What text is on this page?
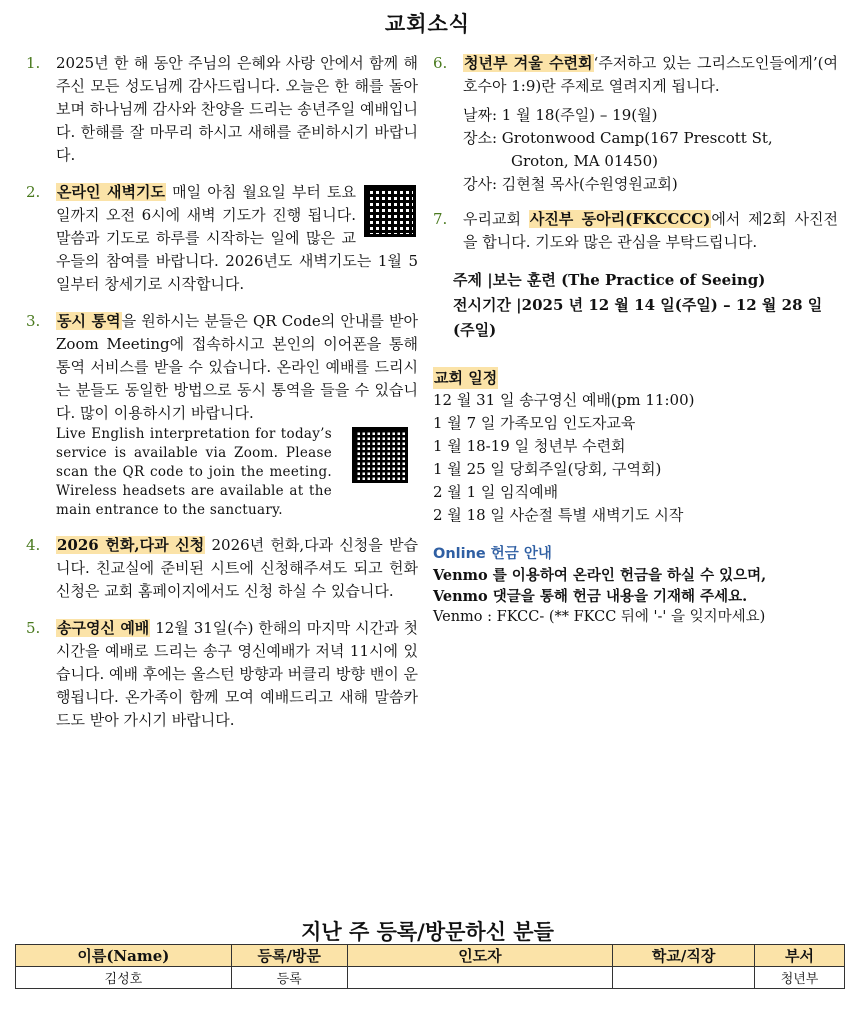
교회소식
1.	2025년 한 해 동안 주님의 은혜와 사랑 안에서 함께 해주신 모든 성도님께 감사드립니다. 오늘은 한 해를 돌아보며 하나님께 감사와 찬양을 드리는 송년주일 예배입니다. 한해를 잘 마무리 하시고 새해를 준비하시기 바랍니다.
2.	온라인 새벽기도 매일 아침 월요일 부터 토요일까지 오전 6시에 새벽 기도가 진행 됩니다. 말씀과 기도로 하루를 시작하는 일에 많은 교우들의 참여를 바랍니다. 2026년도 새벽기도는 1월 5일부터 창세기로 시작합니다.
3.	동시 통역을 원하시는 분들은 QR Code의 안내를 받아 Zoom Meeting에 접속하시고 본인의 이어폰을 통해 통역 서비스를 받을 수 있습니다. 온라인 예배를 드리시는 분들도 동일한 방법으로 동시 통역을 들을 수 있습니다. 많이 이용하시기 바랍니다.
Live English interpretation for today’s service is available via Zoom. Please scan the QR code to join the meeting. Wireless headsets are available at the main entrance to the sanctuary.
4.	2026 헌화,다과 신청 2026년 헌화,다과 신청을 받습니다. 친교실에 준비된 시트에 신청해주셔도 되고 헌화 신청은 교회 홈페이지에서도 신청 하실 수 있습니다.
5.	송구영신 예배 12월 31일(수) 한해의 마지막 시간과 첫시간을 예배로 드리는 송구 영신예배가 저녁 11시에 있습니다. 예배 후에는 올스턴 방향과 버클리 방향 밴이 운행됩니다. 온가족이 함께 모여 예배드리고 새해 말씀카드도 받아 가시기 바랍니다.
6.	청년부 겨울 수련회‘주저하고 있는 그리스도인들에게’(여호수아 1:9)란 주제로 열려지게 됩니다.
날짜: 1 월 18(주일) – 19(월)
장소: Grotonwood Camp(167 Prescott St,
Groton, MA 01450)
강사: 김현철 목사(수원영원교회)
7.	우리교회 사진부 동아리(FKCCCC)에서 제2회 사진전을 합니다. 기도와 많은 관심을 부탁드립니다.
주제 |보는 훈련 (The Practice of Seeing)
전시기간 |2025 년 12 월 14 일(주일) – 12 월 28 일(주일)
교회 일정
12 월 31 일 송구영신 예배(pm 11:00)
1 월 7 일 가족모임 인도자교육
1 월 18-19 일 청년부 수련회
1 월 25 일 당회주일(당회, 구역회)
2 월 1 일 임직예배
2 월 18 일 사순절 특별 새벽기도 시작
Online 헌금 안내
Venmo 를 이용하여 온라인 헌금을 하실 수 있으며,
Venmo 댓글을 통해 헌금 내용을 기재해 주세요.
Venmo : FKCC- (** FKCC 뒤에 '-' 을 잊지마세요)
지난 주 등록/방문하신 분들
이름(Name)	등록/방문	인도자	학교/직장	부서
김성호	등록			청년부
